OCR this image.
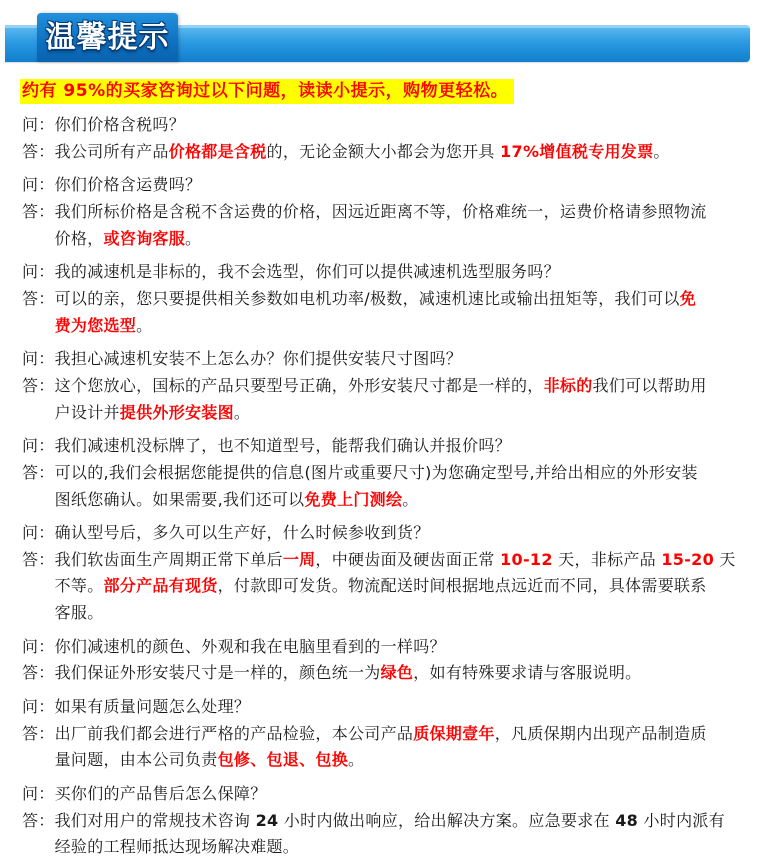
温馨提示
约有 95%的买家咨询过以下问题，读读小提示，购物更轻松。
问：你们价格含税吗？
答：我公司所有产品价格都是含税的，无论金额大小都会为您开具 17%增值税专用发票。
问：你们价格含运费吗？
答：我们所标价格是含税不含运费的价格，因远近距离不等，价格难统一，运费价格请参照物流
价格，或咨询客服。
问：我的减速机是非标的，我不会选型，你们可以提供减速机选型服务吗？
答：可以的亲，您只要提供相关参数如电机功率/极数，减速机速比或输出扭矩等，我们可以免
费为您选型。
问：我担心减速机安装不上怎么办？你们提供安装尺寸图吗？
答：这个您放心，国标的产品只要型号正确，外形安装尺寸都是一样的，非标的我们可以帮助用
户设计并提供外形安装图。
问：我们减速机没标牌了，也不知道型号，能帮我们确认并报价吗？
答：可以的,我们会根据您能提供的信息(图片或重要尺寸)为您确定型号,并给出相应的外形安装
图纸您确认。如果需要,我们还可以免费上门测绘。
问：确认型号后，多久可以生产好，什么时候参收到货？
答：我们软齿面生产周期正常下单后一周，中硬齿面及硬齿面正常 10-12 天，非标产品 15-20 天
不等。部分产品有现货，付款即可发货。物流配送时间根据地点远近而不同，具体需要联系
客服。
问：你们减速机的颜色、外观和我在电脑里看到的一样吗？
答：我们保证外形安装尺寸是一样的，颜色统一为绿色，如有特殊要求请与客服说明。
问：如果有质量问题怎么处理？
答：出厂前我们都会进行严格的产品检验，本公司产品质保期壹年，凡质保期内出现产品制造质
量问题，由本公司负责包修、包退、包换。
问：买你们的产品售后怎么保障？
答：我们对用户的常规技术咨询 24 小时内做出响应，给出解决方案。应急要求在 48 小时内派有
经验的工程师抵达现场解决难题。
